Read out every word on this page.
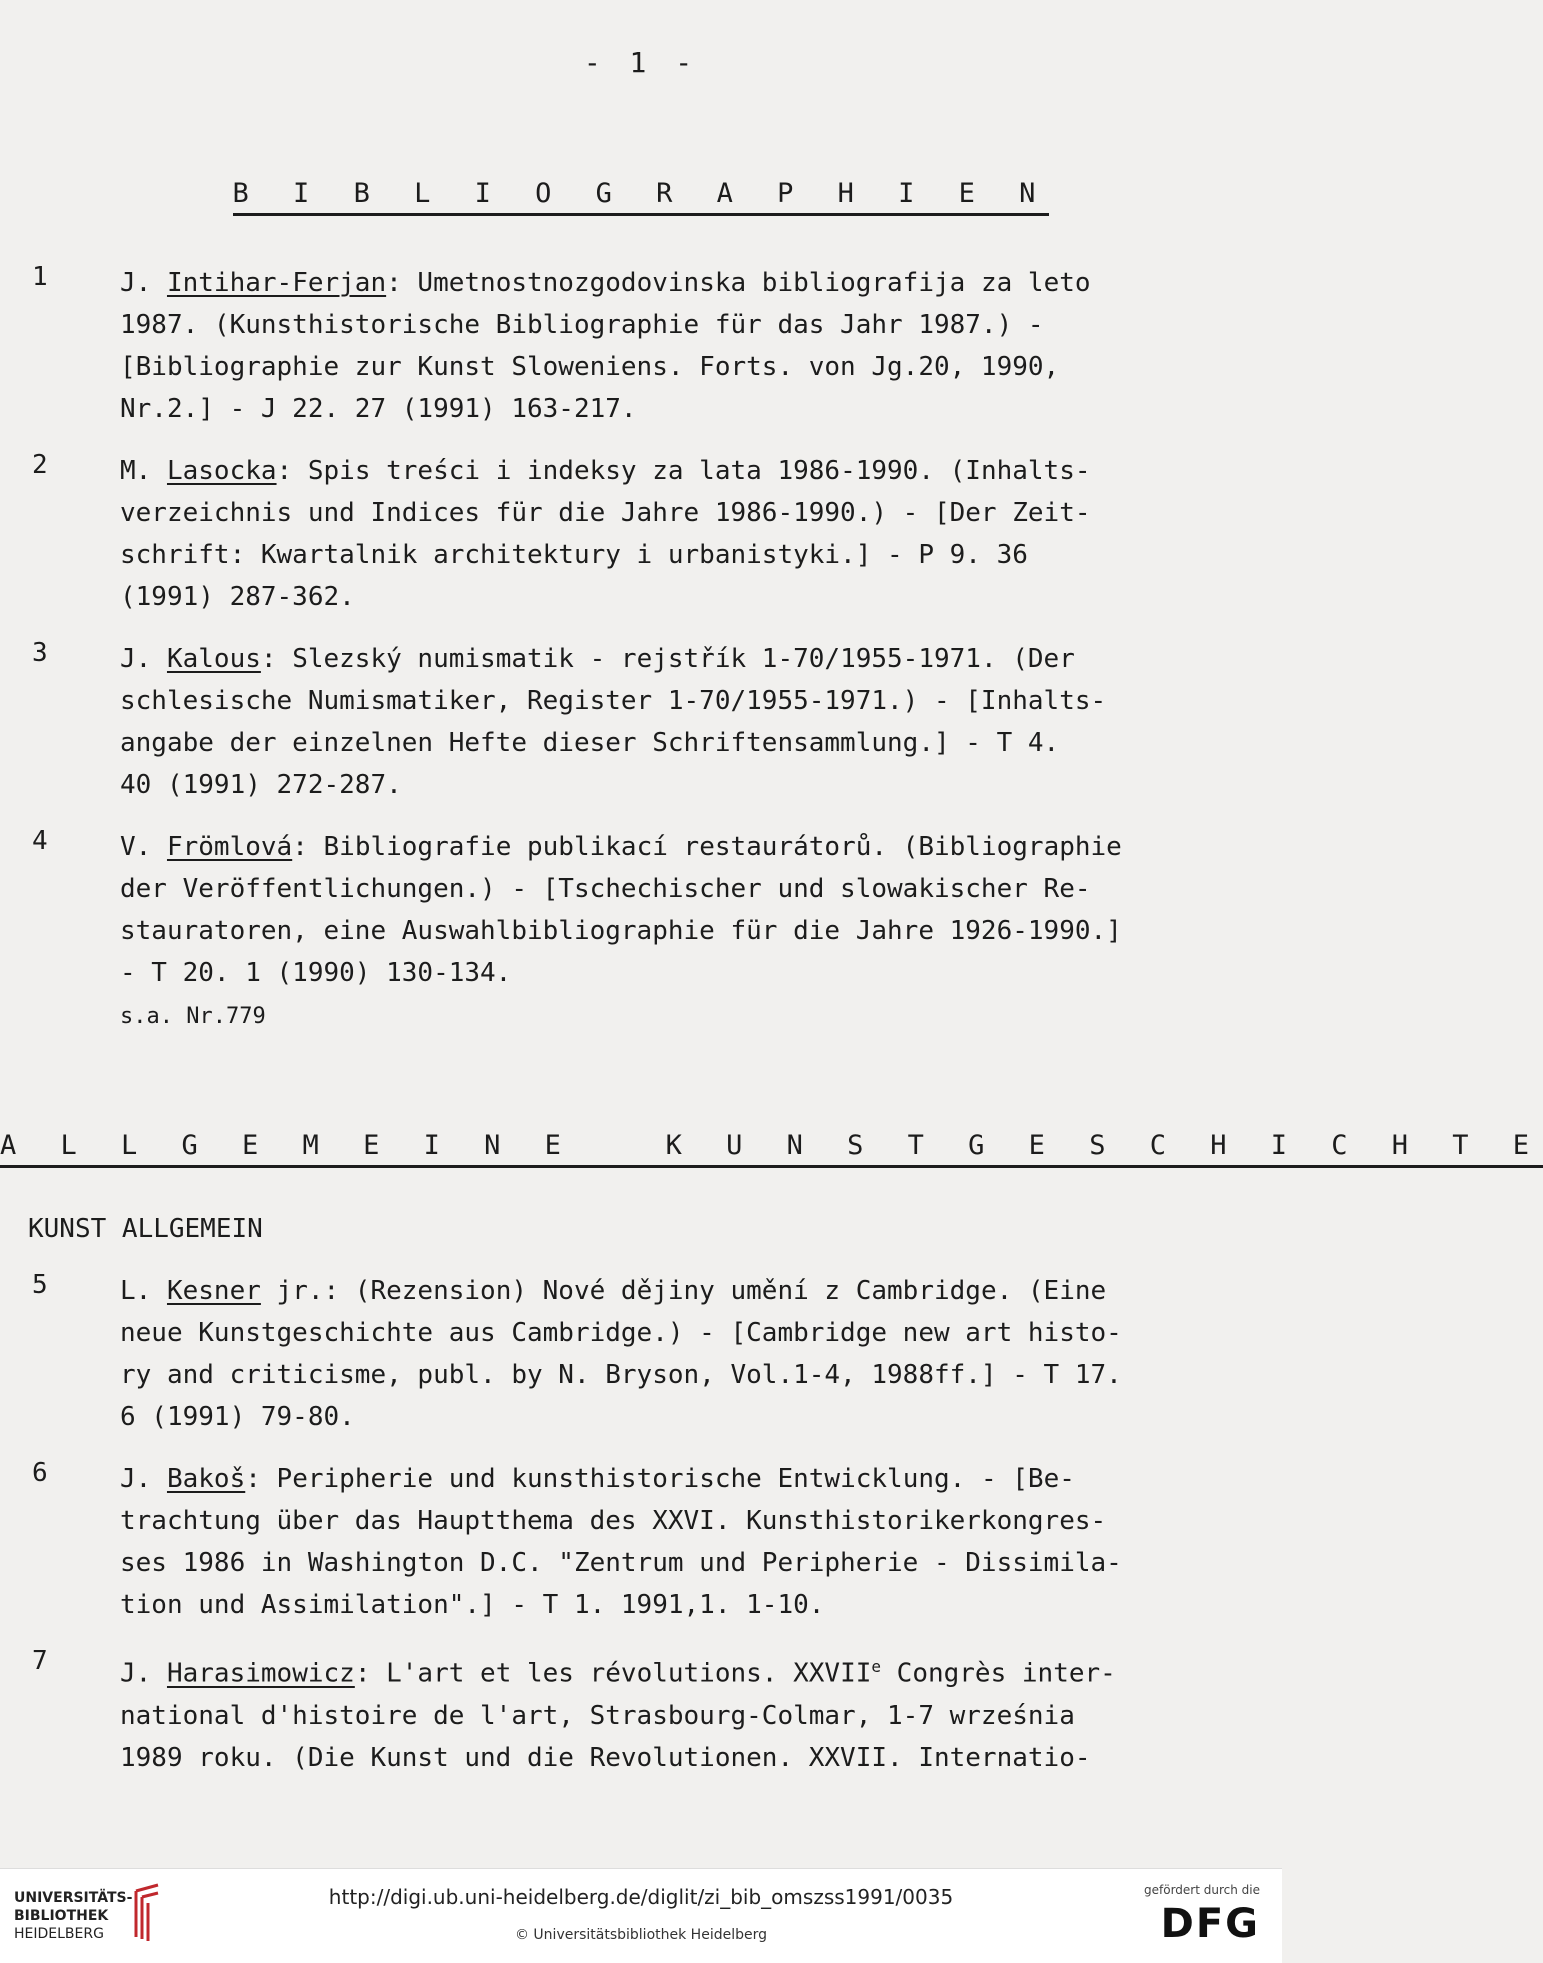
- 1 -
B I B L I O G R A P H I E N
1	J. Intihar-Ferjan: Umetnostnozgodovinska bibliografija za leto
1987. (Kunsthistorische Bibliographie für das Jahr 1987.) -
[Bibliographie zur Kunst Sloweniens. Forts. von Jg.20, 1990,
Nr.2.] - J 22. 27 (1991) 163-217.
2	M. Lasocka: Spis treści i indeksy za lata 1986-1990. (Inhalts-
verzeichnis und Indices für die Jahre 1986-1990.) - [Der Zeit-
schrift: Kwartalnik architektury i urbanistyki.] - P 9. 36
(1991) 287-362.
3	J. Kalous: Slezský numismatik - rejstřík 1-70/1955-1971. (Der
schlesische Numismatiker, Register 1-70/1955-1971.) - [Inhalts-
angabe der einzelnen Hefte dieser Schriftensammlung.] - T 4.
40 (1991) 272-287.
4	V. Frömlová: Bibliografie publikací restaurátorů. (Bibliographie
der Veröffentlichungen.) - [Tschechischer und slowakischer Re-
stauratoren, eine Auswahlbibliographie für die Jahre 1926-1990.]
- T 20. 1 (1990) 130-134.
s.a. Nr.779
A L L G E M E I N E   K U N S T G E S C H I C H T E
KUNST ALLGEMEIN
5	L. Kesner jr.: (Rezension) Nové dějiny umění z Cambridge. (Eine
neue Kunstgeschichte aus Cambridge.) - [Cambridge new art histo-
ry and criticisme, publ. by N. Bryson, Vol.1-4, 1988ff.] - T 17.
6 (1991) 79-80.
6	J. Bakoš: Peripherie und kunsthistorische Entwicklung. - [Be-
trachtung über das Hauptthema des XXVI. Kunsthistorikerkongres-
ses 1986 in Washington D.C. "Zentrum und Peripherie - Dissimila-
tion und Assimilation".] - T 1. 1991,1. 1-10.
7	J. Harasimowicz: L'art et les révolutions. XXVIIe Congrès inter-
national d'histoire de l'art, Strasbourg-Colmar, 1-7 września
1989 roku. (Die Kunst und die Revolutionen. XXVII. Internatio-
UNIVERSITÄTS-
BIBLIOTHEK
HEIDELBERG
http://digi.ub.uni-heidelberg.de/diglit/zi_bib_omszss1991/0035
© Universitätsbibliothek Heidelberg
gefördert durch die
DFG
